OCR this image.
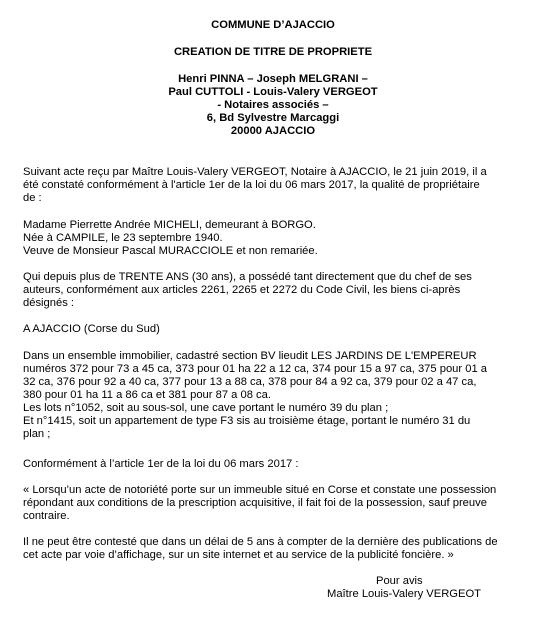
COMMUNE D’AJACCIO
CREATION DE TITRE DE PROPRIETE
Henri PINNA – Joseph MELGRANI –
Paul CUTTOLI - Louis-Valery VERGEOT
- Notaires associés –
6, Bd Sylvestre Marcaggi
20000 AJACCIO
Suivant acte reçu par Maître Louis-Valery VERGEOT, Notaire à AJACCIO, le 21 juin 2019, il a
été constaté conformément à l'article 1er de la loi du 06 mars 2017, la qualité de propriétaire
de :
Madame Pierrette Andrée MICHELI, demeurant à BORGO.
Née à CAMPILE, le 23 septembre 1940.
Veuve de Monsieur Pascal MURACCIOLE et non remariée.
Qui depuis plus de TRENTE ANS (30 ans), a possédé tant directement que du chef de ses
auteurs, conformément aux articles 2261, 2265 et 2272 du Code Civil, les biens ci-après
désignés :
A AJACCIO (Corse du Sud)
Dans un ensemble immobilier, cadastré section BV lieudit LES JARDINS DE L'EMPEREUR
numéros 372 pour 73 a 45 ca, 373 pour 01 ha 22 a 12 ca, 374 pour 15 a 97 ca, 375 pour 01 a
32 ca, 376 pour 92 a 40 ca, 377 pour 13 a 88 ca, 378 pour 84 a 92 ca, 379 pour 02 a 47 ca,
380 pour 01 ha 11 a 86 ca et 381 pour 87 a 08 ca.
Les lots n°1052, soit au sous-sol, une cave portant le numéro 39 du plan ;
Et n°1415, soit un appartement de type F3 sis au troisième étage, portant le numéro 31 du
plan ;
Conformément à l’article 1er de la loi du 06 mars 2017 :
« Lorsqu’un acte de notoriété porte sur un immeuble situé en Corse et constate une possession
répondant aux conditions de la prescription acquisitive, il fait foi de la possession, sauf preuve
contraire.
Il ne peut être contesté que dans un délai de 5 ans à compter de la dernière des publications de
cet acte par voie d’affichage, sur un site internet et au service de la publicité foncière. »
Pour avis
Maître Louis-Valery VERGEOT
